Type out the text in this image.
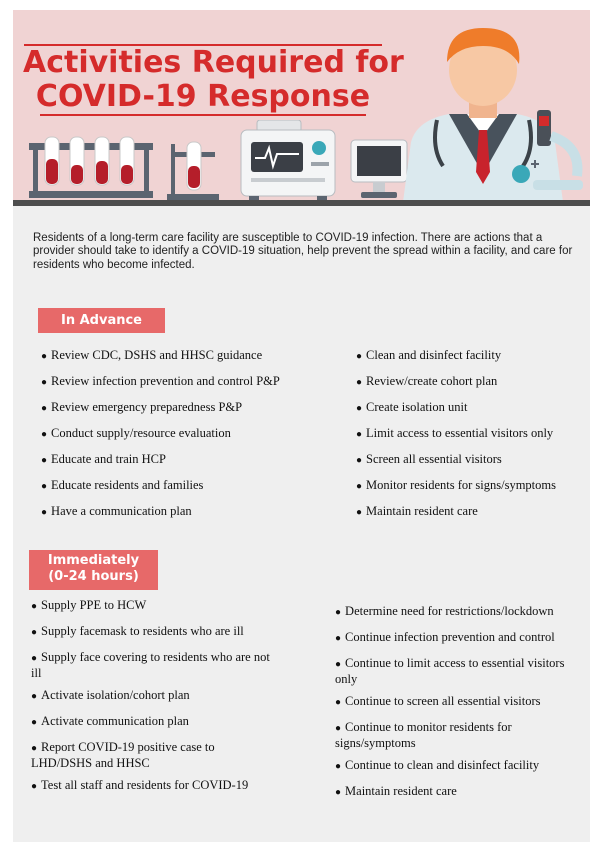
Activities Required for
COVID-19 Response

Residents of a long-term care facility are susceptible to COVID-19 infection. There are actions that a provider should take to identify a COVID-19 situation, help prevent the spread within a facility, and care for residents who become infected.

In Advance
● Review CDC, DSHS and HHSC guidance
● Review infection prevention and control P&P
● Review emergency preparedness P&P
● Conduct supply/resource evaluation
● Educate and train HCP
● Educate residents and families
● Have a communication plan
● Clean and disinfect facility
● Review/create cohort plan
● Create isolation unit
● Limit access to essential visitors only
● Screen all essential visitors
● Monitor residents for signs/symptoms
● Maintain resident care
Immediately
(0-24 hours)
● Supply PPE to HCW
● Supply facemask to residents who are ill
● Supply face covering to residents who are not ill
● Activate isolation/cohort plan
● Activate communication plan
● Report COVID-19 positive case to LHD/DSHS and HHSC
● Test all staff and residents for COVID-19
● Determine need for restrictions/lockdown
● Continue infection prevention and control
● Continue to limit access to essential visitors only
● Continue to screen all essential visitors
● Continue to monitor residents for signs/symptoms
● Continue to clean and disinfect facility
● Maintain resident care
